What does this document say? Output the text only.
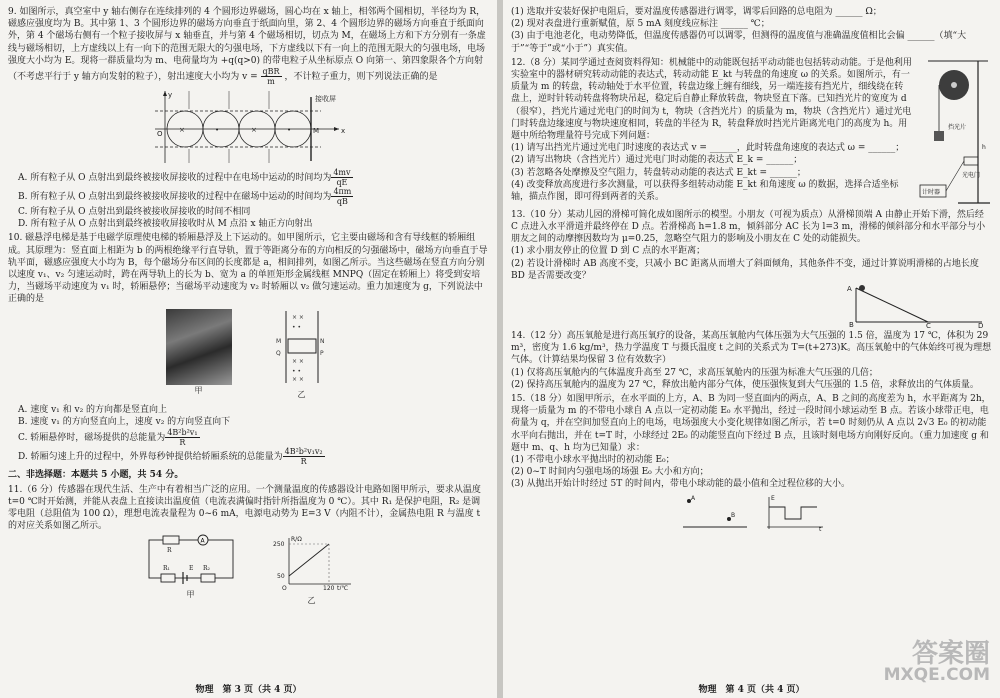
9. 如图所示，真空室中 y 轴右侧存在连续排列的 4 个圆形边界磁场，圆心均在 x 轴上，相邻两个圆相切，半径均为 R，磁感应强度均为 B。其中第 1、3 个圆形边界的磁场方向垂直于纸面向里，第 2、4 个圆形边界的磁场方向垂直于纸面向外，第 4 个磁场右侧有一个粒子接收屏与 x 轴垂直，并与第 4 个磁场相切，切点为 M，在磁场上方和下方分别有一条虚线与磁场相切，上方虚线以上有一向下的范围无限大的匀强电场，下方虚线以下有一向上的范围无限大的匀强电场，电场强度大小均为 E。现将一群质量均为 m、电荷量均为 +q(q>0) 的带电粒子从坐标原点 O 向第一、第四象限各个方向射（不考虑平行于 y 轴方向发射的粒子），射出速度大小均为 $v = \frac{\text{qBR}}{m}$ ，不计粒子重力，则下列说法正确的是

×	•	×	•
O	x
y
M
接收屏

A. 所有粒子从 O 点射出到最终被接收屏接收的过程中在电场中运动的时间均为 $\frac{4mv}{qE}$

B. 所有粒子从 O 点射出到最终被接收屏接收的过程中在磁场中运动的时间均为 $\frac{4\pi m}{qB}$

C. 所有粒子从 O 点射出到最终被接收屏接收的时间不相同

D. 所有粒子从 O 点射出到最终被接收屏接收时从 M 点沿 x 轴正方向射出

10. 磁悬浮电梯是基于电磁学原理使电梯的轿厢悬浮及上下运动的。如甲图所示，它主要由磁场和含有导线框的轿厢组成。其原理为：竖直面上相距为 b 的两根绝缘平行直导轨，置于等距离分布的方向相反的匀强磁场中，磁场方向垂直于导轨平面，磁感应强度大小均为 B，每个磁场分布区间的长度都是 a，相间排列，如图乙所示。当这些磁场在竖直方向分别以速度 v₁、v₂ 匀速运动时，跨在两导轨上的长为 b、宽为 a 的单匝矩形金属线框 MNPQ（固定在轿厢上）将受到安培力，当磁场平动速度为 v₁ 时，轿厢悬停；当磁场平动速度为 v₂ 时轿厢以 v₂ 做匀速运动。重力加速度为 g，下列说法中正确的是

甲
× ×
• •
× ×
• •
× ×
M	N
Q	P
乙

A. 速度 v₁ 和 v₂ 的方向都是竖直向上

B. 速度 v₁ 的方向竖直向上，速度 v₂ 的方向竖直向下

C. 轿厢悬停时，磁场提供的总能量为 $\frac{\text{4B²b²v₁}}{R}$

D. 轿厢匀速上升的过程中，外界每秒钟提供给轿厢系统的总能量为 $\frac{\text{4B²b²v₁v₂}}{R}$

二、非选择题：本题共 5 小题，共 54 分。

11.（6 分）传感器在现代生活、生产中有着相当广泛的应用。一个测量温度的传感器设计电路如图甲所示，要求从温度 t=0 ℃时开始测，并能从表盘上直接读出温度值（电流表满偏时指针所指温度为 0 ℃）。其中 R₁ 是保护电阻，R₂ 是调零电阻（总阻值为 100 Ω），理想电流表量程为 0~6 mA，电源电动势为 E=3 V（内阻不计），金属热电阻 R 与温度 t 的对应关系如图乙所示。

A
R
R₁	R₂
E
甲
R/Ω
t/℃
250
50
120
O
乙
物理　第 3 页（共 4 页）

(1) 选取并安装好保护电阻后，要对温度传感器进行调零，调零后回路的总电阻为 ______ Ω；

(2) 现对表盘进行重新赋值，原 5 mA 刻度线应标注 ______ ℃；

(3) 由于电池老化，电动势降低，但温度传感器仍可以调零，但测得的温度值与准确温度值相比会偏 ______（填“大于”“等于”或“小于”）真实值。

12.（8 分）某同学通过查阅资料得知：机械能中的动能既包括平动动能也包括转动动能。于是他利用实验室中的器材研究转动动能的表达式，转动动能 E_kt 与转盘的角速度 ω 的关系。如图所示，有一质量为 m 的转盘，转动轴处于水平位置，转盘边缘上缠有细线，另一端连接有挡光片，细线绕在转盘上，逆时针转动转盘将物块吊起，稳定后自静止释放转盘，物块竖直下落。已知挡光片的宽度为 d（很窄），挡光片通过光电门的时间为 t，物块（含挡光片）的质量为 m，物块（含挡光片）通过光电门时转盘边缘速度与物块速度相同，转盘的半径为 R，转盘释放时挡光片距离光电门的高度为 h。用题中所给物理量符号完成下列问题：

(1) 请写出挡光片通过光电门时速度的表达式 v = ______，此时转盘角速度的表达式 ω = ______；

(2) 请写出物块（含挡光片）通过光电门时动能的表达式 E_k = ______；

(3) 若忽略各处摩擦及空气阻力，转盘转动动能的表达式 E_kt = ______；

(4) 改变释放高度进行多次测量，可以获得多组转动动能 E_kt 和角速度 ω 的数据，选择合适坐标轴，描点作图，即可得到两者的关系。

挡光片
光电门
计时器
h

13.（10 分）某动儿园的滑梯可简化成如图所示的模型。小朋友（可视为质点）从滑梯顶端 A 由静止开始下滑，然后经 C 点进入水平滑道并最终停在 D 点。若滑梯高 h=1.8 m，倾斜部分 AC 长为 l=3 m，滑梯的倾斜部分和水平部分与小朋友之间的动摩擦因数均为 μ=0.25，忽略空气阻力的影响及小朋友在 C 处的动能损失。

(1) 求小朋友停止的位置 D 到 C 点的水平距离；

(2) 若设计滑梯时 AB 高度不变，只减小 BC 距离从而增大了斜面倾角，其他条件不变，通过计算说明滑梯的占地长度 BD 是否需要改变？

A
B	C	D

14.（12 分）高压氧舱是进行高压氧疗的设备，某高压氧舱内气体压强为大气压强的 1.5 倍，温度为 17 ℃，体积为 29 m³，密度为 1.6 kg/m³，热力学温度 T 与摄氏温度 t 之间的关系式为 T=(t+273)K。高压氧舱中的气体始终可视为理想气体。（计算结果均保留 3 位有效数字）

(1) 仅将高压氧舱内的气体温度升高至 27 ℃，求高压氧舱内的压强为标准大气压强的几倍；

(2) 保持高压氧舱内的温度为 27 ℃，释放出舱内部分气体，使压强恢复到大气压强的 1.5 倍，求释放出的气体质量。

15.（18 分）如图甲所示，在水平面的上方，A、B 为同一竖直面内的两点，A、B 之间的高度差为 h，水平距离为 2h，现将一质量为 m 的不带电小球自 A 点以一定初动能 E₀ 水平抛出，经过一段时间小球运动至 B 点。若该小球带正电，电荷量为 q，并在空间加竖直向上的电场，电场强度大小变化规律如图乙所示，若 t=0 时刻仍从 A 点以 2√3 E₀ 的初动能水平向右抛出，并在 t=T 时，小球经过 2E₀ 的动能竖直向下经过 B 点，且该时刻电场方向刚好反向。（重力加速度 g 和题中 m、q、h 均为已知量）求：

(1) 不带电小球水平抛出时的初动能 E₀；

(2) 0~T 时间内匀强电场的场强 E₀ 大小和方向；

(3) 从抛出开始计时经过 5T 的时间内，带电小球动能的最小值和全过程位移的大小。

A
B
E
t
答案圈
MXQE.COM
物理　第 4 页（共 4 页）
